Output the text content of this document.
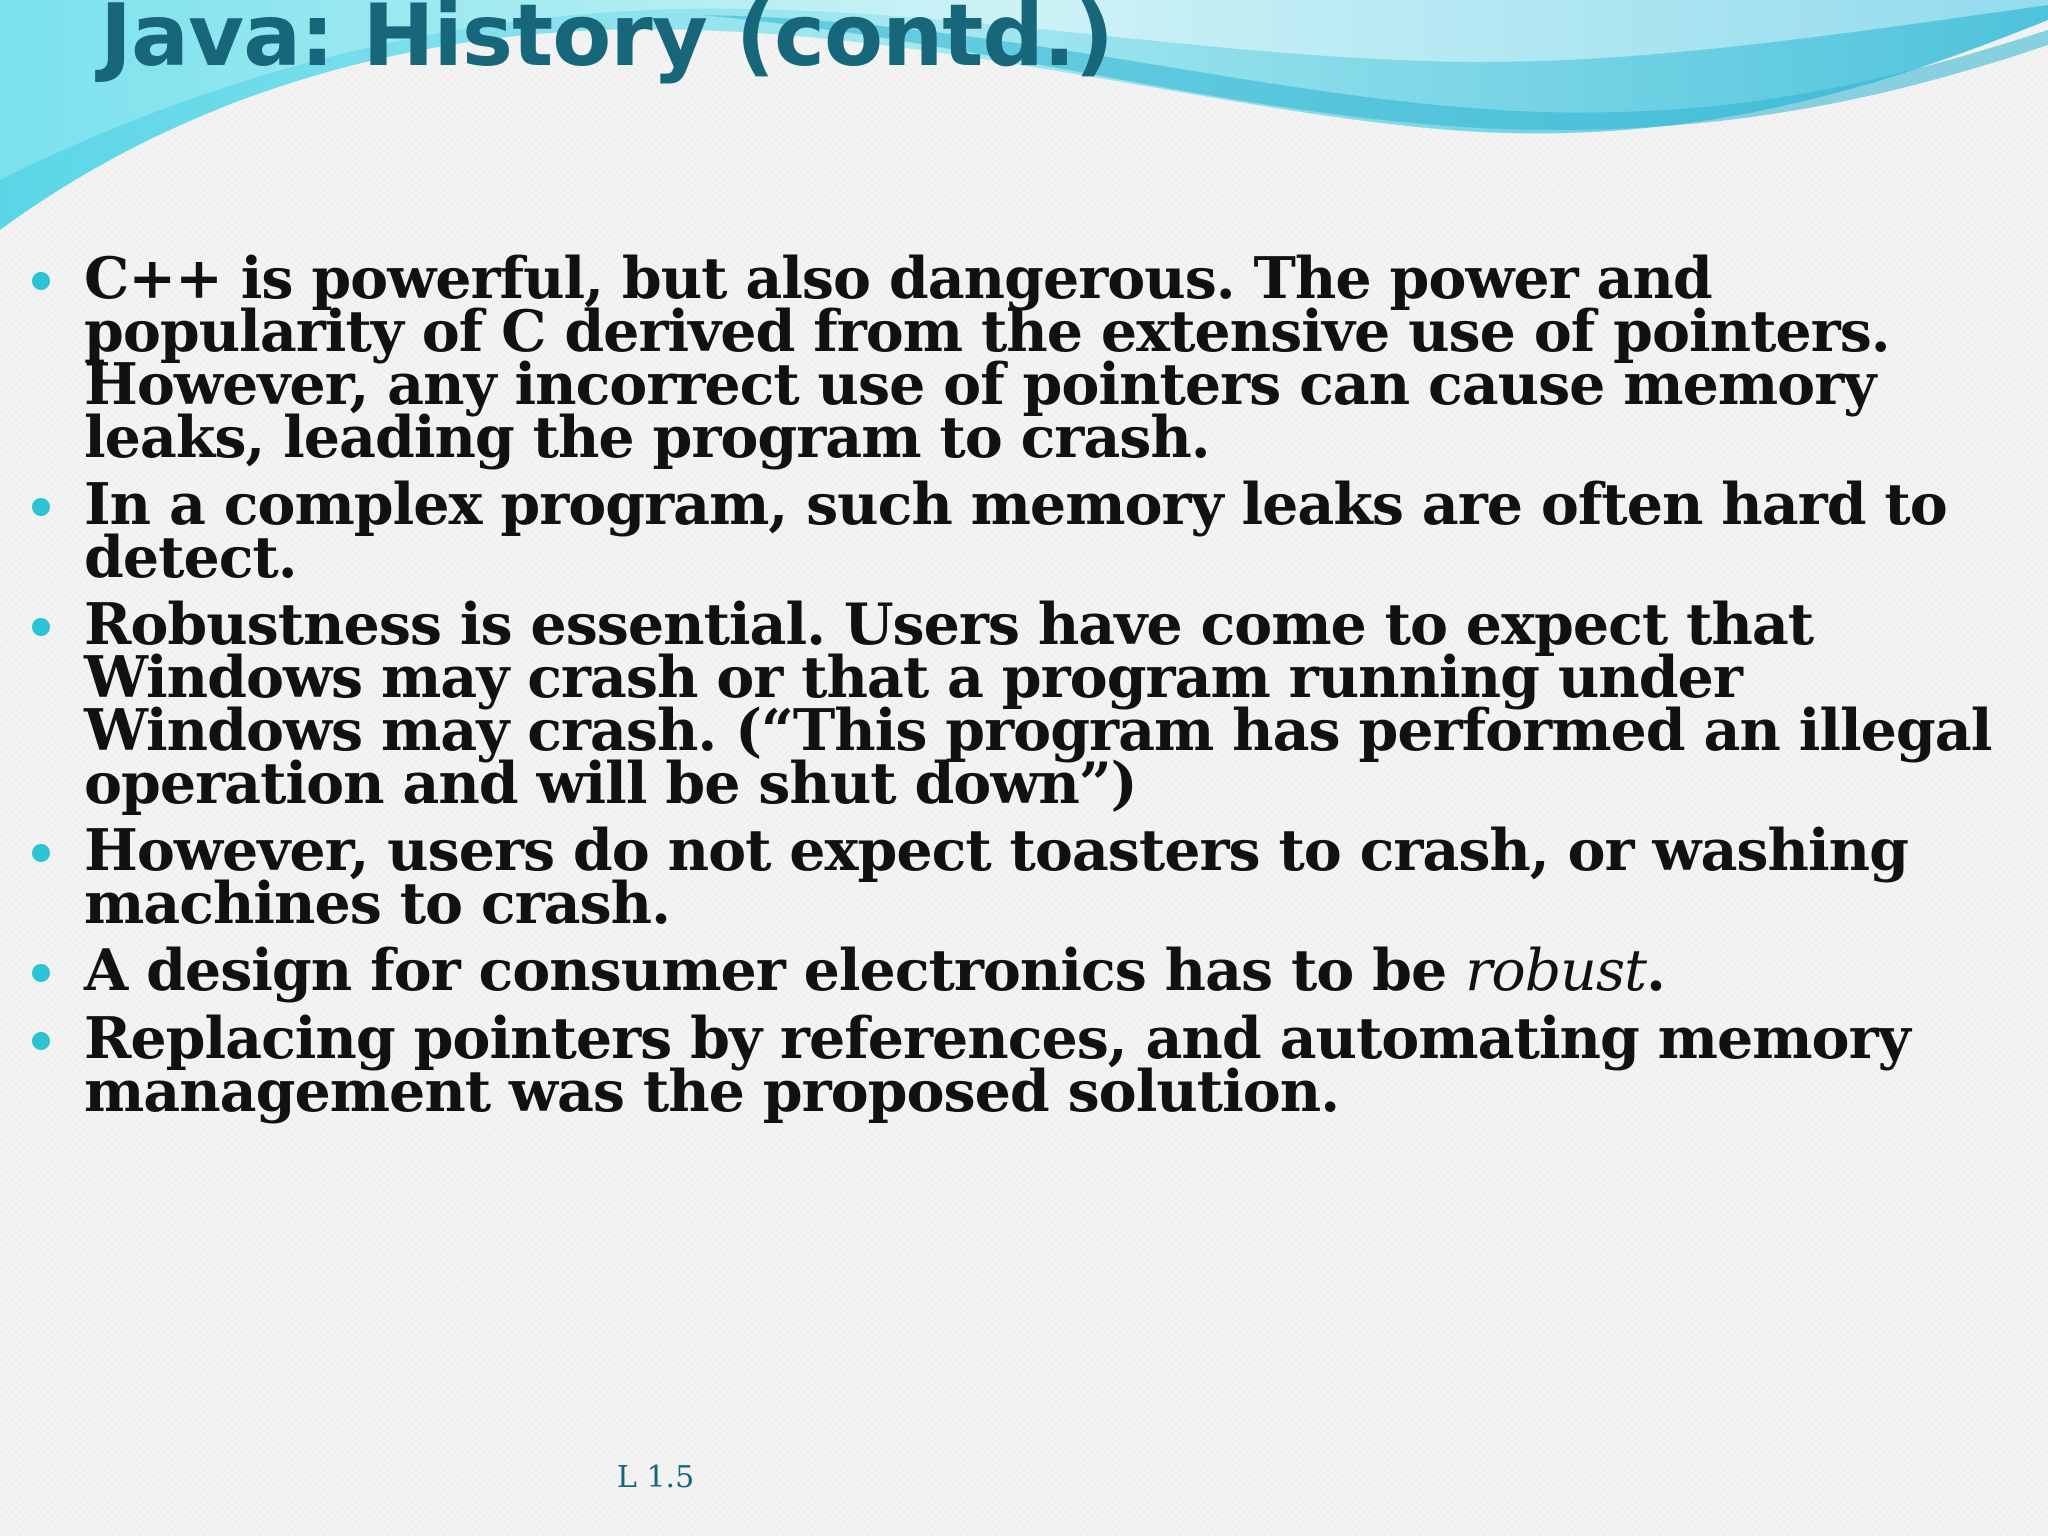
Java: History (contd.)
C++ is powerful, but also dangerous. The power and popularity of C derived from the extensive use of pointers. However, any incorrect use of pointers can cause memory leaks, leading the program to crash.
In a complex program, such memory leaks are often hard to detect.
Robustness is essential. Users have come to expect that Windows may crash or that a program running under Windows may crash. (“This program has performed an illegal operation and will be shut down”)
However, users do not expect toasters to crash, or washing machines to crash.
A design for consumer electronics has to be robust.
Replacing pointers by references, and automating memory management was the proposed solution.
L 1.5
